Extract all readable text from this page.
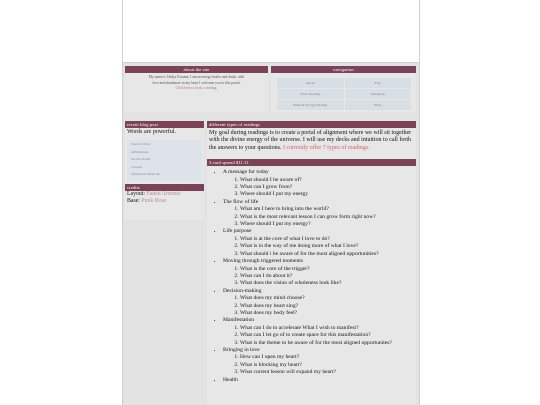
about the site
My name is Valdys Essama, I am an energy healer and doula. with
love and abundance in my heart I welcome you to this portal.
Click here to book a reading.
navigation
About	Etsy
Tarot Reading	Instagram
Reiki & Energy Healing	Shop
recent blog post
Words are powerful.
Shadow Work
Affirmations
Sacred Stories
Journals
Vibrational Medicine
credits
Layout: Faded Artemis
Base: Punk Rose
different types of readings
My goal during readings is to create a portal of alignment where we will sit together with the divine energy of the universe. I will use my decks and intuition to call forth the answers to your questions. I currently offer 7 types of readings.
3 card spread $11.11
• A message for today
1. What should I be aware of?
2. What can I grow from?
3. Where should I put my energy
• The flow of life
1. What am I here to bring into the world?
2. What is the most relevant lesson I can grow form right now?
3. Where should I put my energy?
• Life purpose
1. What is at the core of what I love to do?
2. What is in the way of me doing more of what I love?
3. What should i be aware of for the most aligned opportunities?
• Moving through triggered moments
1. What is the core of the trigger?
2. What can I do about it?
3. What does the vision of wholeness look like?
• Decision-making
1. What does my mind choose?
2. What does my heart sing?
3. What does my body feel?
• Manifestation
1. What can I do to accelerate What I wish to manifest?
2. What can I let go of to create space for this manifestation?
3. What is the theme to be aware of for the most aligned opportunites?
• Bringing in love
1. How can I open my heart?
2. What is blocking my heart?
3. What current lesson will expand my heart?
• Health
